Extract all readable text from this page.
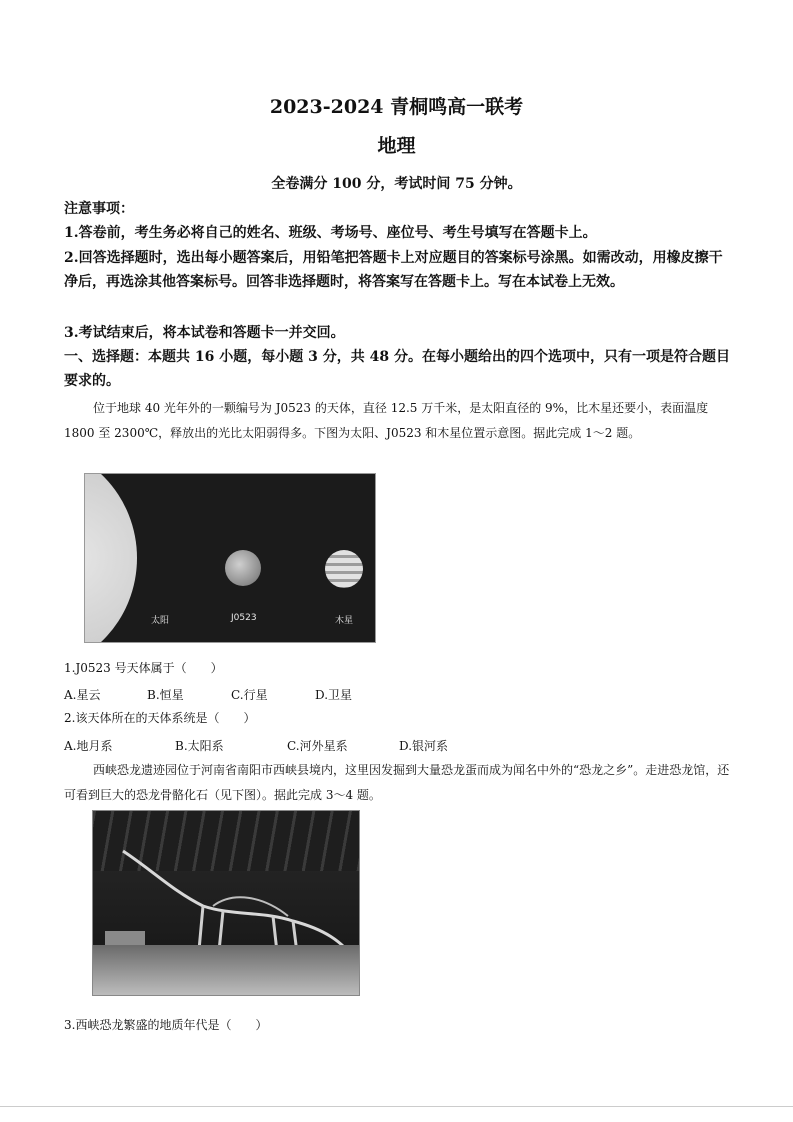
2023-2024 青桐鸣高一联考
地理
全卷满分 100 分，考试时间 75 分钟。
注意事项：
1.答卷前，考生务必将自己的姓名、班级、考场号、座位号、考生号填写在答题卡上。
2.回答选择题时，选出每小题答案后，用铅笔把答题卡上对应题目的答案标号涂黑。如需改动，用橡皮擦干净后，再选涂其他答案标号。回答非选择题时，将答案写在答题卡上。写在本试卷上无效。
3.考试结束后，将本试卷和答题卡一并交回。
一、选择题：本题共 16 小题，每小题 3 分，共 48 分。在每小题给出的四个选项中，只有一项是符合题目要求的。
位于地球 40 光年外的一颗编号为 J0523 的天体，直径 12.5 万千米，是太阳直径的 9%，比木星还要小，表面温度 1800 至 2300℃，释放出的光比太阳弱得多。下图为太阳、J0523 和木星位置示意图。据此完成 1～2 题。
太阳	J0523	木星
1.J0523 号天体属于（　　）
A.星云	B.恒星	C.行星	D.卫星
2.该天体所在的天体系统是（　　）
A.地月系	B.太阳系	C.河外星系	D.银河系
西峡恐龙遗迹园位于河南省南阳市西峡县境内，这里因发掘到大量恐龙蛋而成为闻名中外的“恐龙之乡”。走进恐龙馆，还可看到巨大的恐龙骨骼化石（见下图）。据此完成 3～4 题。
3.西峡恐龙繁盛的地质年代是（　　）
